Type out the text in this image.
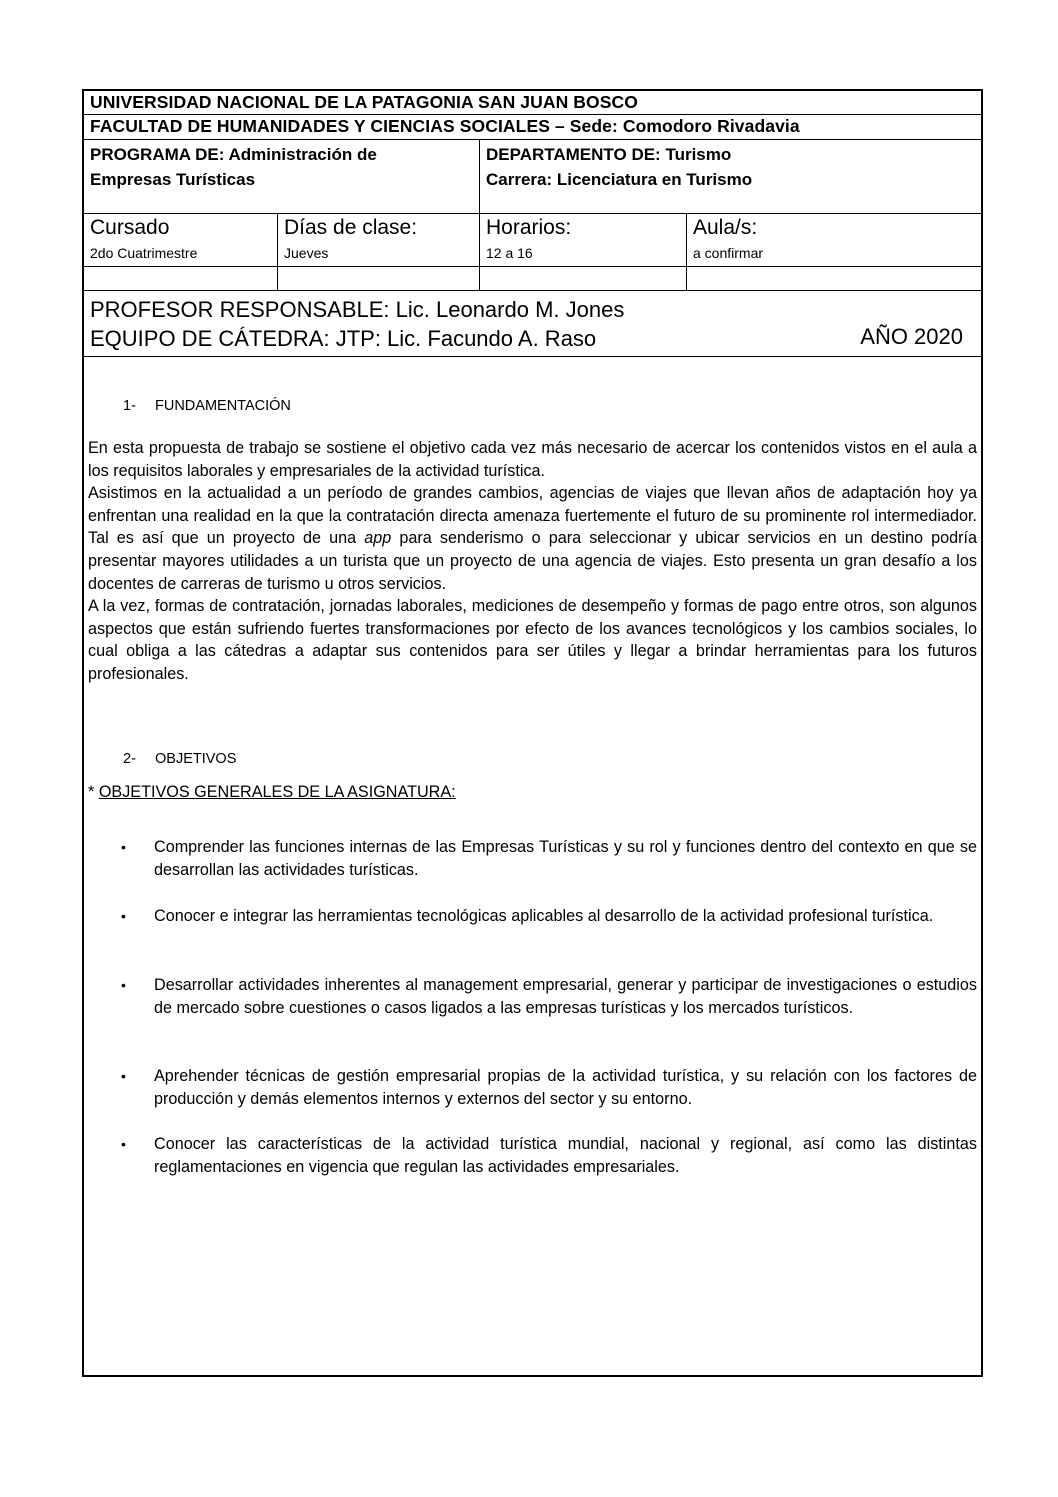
UNIVERSIDAD NACIONAL DE LA PATAGONIA SAN JUAN BOSCO
FACULTAD DE HUMANIDADES Y CIENCIAS SOCIALES – Sede: Comodoro Rivadavia
PROGRAMA DE: Administración de
Empresas Turísticas
DEPARTAMENTO DE: Turismo
Carrera: Licenciatura en Turismo
Cursado
2do Cuatrimestre
Días de clase:
Jueves
Horarios:
12 a 16
Aula/s:
a confirmar
PROFESOR RESPONSABLE: Lic. Leonardo M. Jones
EQUIPO DE CÁTEDRA: JTP: Lic. Facundo A. Raso	AÑO 2020
1- FUNDAMENTACIÓN

En esta propuesta de trabajo se sostiene el objetivo cada vez más necesario de acercar los contenidos vistos en el aula a los requisitos laborales y empresariales de la actividad turística.

Asistimos en la actualidad a un período de grandes cambios, agencias de viajes que llevan años de adaptación hoy ya enfrentan una realidad en la que la contratación directa amenaza fuertemente el futuro de su prominente rol intermediador. Tal es así que un proyecto de una app para senderismo o para seleccionar y ubicar servicios en un destino podría presentar mayores utilidades a un turista que un proyecto de una agencia de viajes. Esto presenta un gran desafío a los docentes de carreras de turismo u otros servicios.

A la vez, formas de contratación, jornadas laborales, mediciones de desempeño y formas de pago entre otros, son algunos aspectos que están sufriendo fuertes transformaciones por efecto de los avances tecnológicos y los cambios sociales, lo cual obliga a las cátedras a adaptar sus contenidos para ser útiles y llegar a brindar herramientas para los futuros profesionales.

2- OBJETIVOS
* OBJETIVOS GENERALES DE LA ASIGNATURA:
• Comprender las funciones internas de las Empresas Turísticas y su rol y funciones dentro del contexto en que se desarrollan las actividades turísticas.
• Conocer e integrar las herramientas tecnológicas aplicables al desarrollo de la actividad profesional turística.
• Desarrollar actividades inherentes al management empresarial, generar y participar de investigaciones o estudios de mercado sobre cuestiones o casos ligados a las empresas turísticas y los mercados turísticos.
• Aprehender técnicas de gestión empresarial propias de la actividad turística, y su relación con los factores de producción y demás elementos internos y externos del sector y su entorno.
• Conocer las características de la actividad turística mundial, nacional y regional, así como las distintas reglamentaciones en vigencia que regulan las actividades empresariales.
